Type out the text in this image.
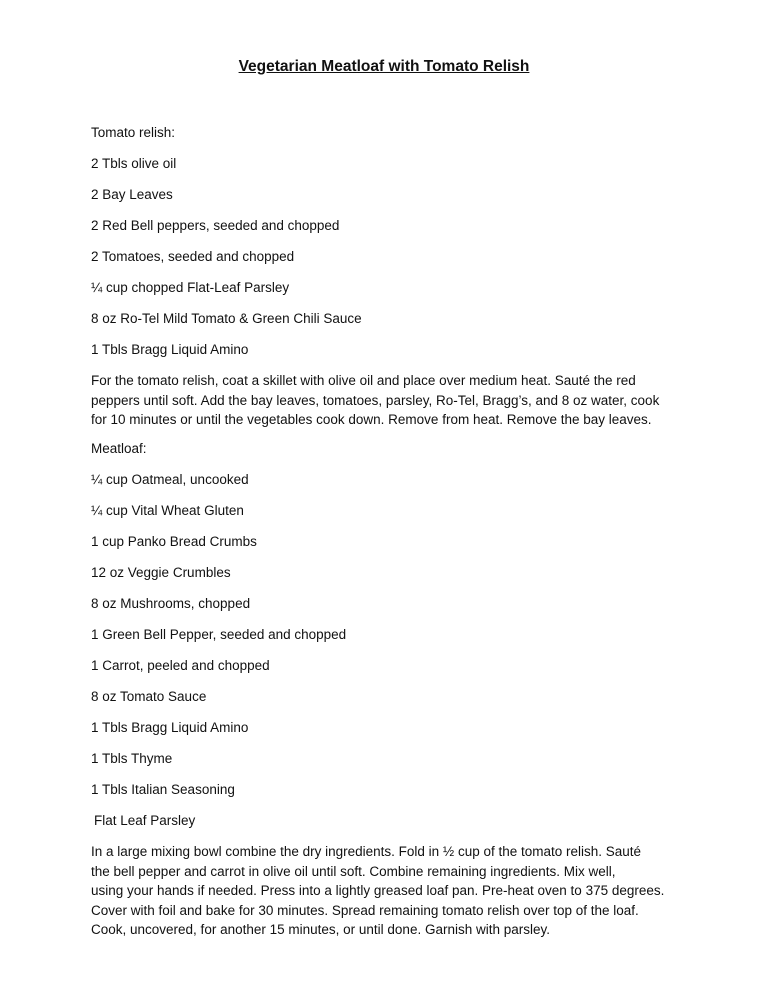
Vegetarian Meatloaf with Tomato Relish
Tomato relish:
2 Tbls olive oil
2 Bay Leaves
2 Red Bell peppers, seeded and chopped
2 Tomatoes, seeded and chopped
¼ cup chopped Flat-Leaf Parsley
8 oz Ro-Tel Mild Tomato & Green Chili Sauce
1 Tbls Bragg Liquid Amino
For the tomato relish, coat a skillet with olive oil and place over medium heat. Sauté the red
peppers until soft. Add the bay leaves, tomatoes, parsley, Ro-Tel, Bragg’s, and 8 oz water, cook
for 10 minutes or until the vegetables cook down. Remove from heat. Remove the bay leaves.
Meatloaf:
¼ cup Oatmeal, uncooked
¼ cup Vital Wheat Gluten
1 cup Panko Bread Crumbs
12 oz Veggie Crumbles
8 oz Mushrooms, chopped
1 Green Bell Pepper, seeded and chopped
1 Carrot, peeled and chopped
8 oz Tomato Sauce
1 Tbls Bragg Liquid Amino
1 Tbls Thyme
1 Tbls Italian Seasoning
Flat Leaf Parsley
In a large mixing bowl combine the dry ingredients. Fold in ½ cup of the tomato relish. Sauté
the bell pepper and carrot in olive oil until soft. Combine remaining ingredients. Mix well,
using your hands if needed. Press into a lightly greased loaf pan. Pre-heat oven to 375 degrees.
Cover with foil and bake for 30 minutes. Spread remaining tomato relish over top of the loaf.
Cook, uncovered, for another 15 minutes, or until done. Garnish with parsley.
